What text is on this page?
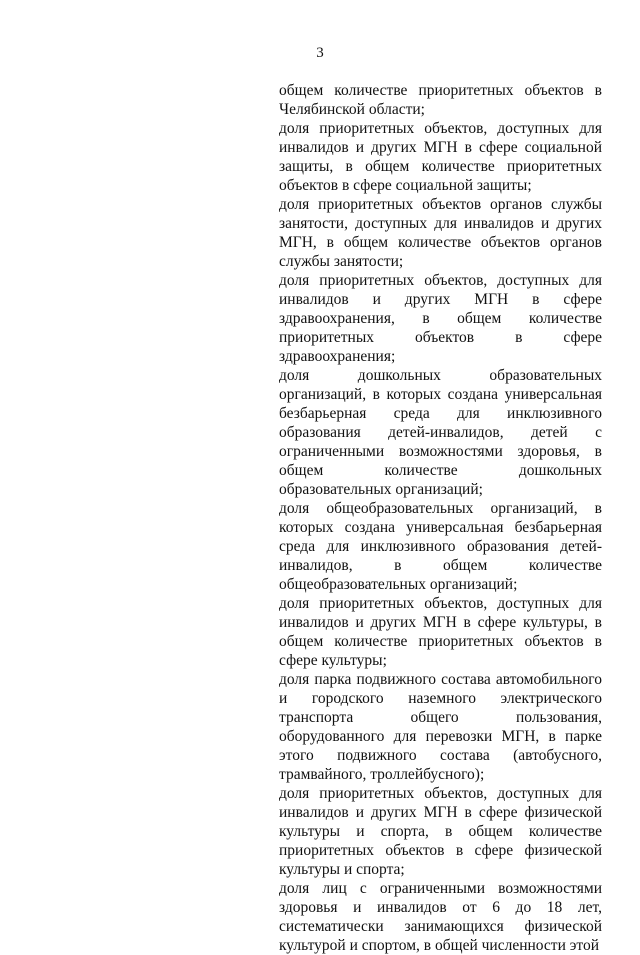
3

общем количестве приоритетных объектов в Челябинской области;

доля приоритетных объектов, доступных для инвалидов и других МГН в сфере социальной защиты, в общем количестве приоритетных объектов в сфере социальной защиты;

доля приоритетных объектов органов службы занятости, доступных для инвалидов и других МГН, в общем количестве объектов органов службы занятости;

доля приоритетных объектов, доступных для инвалидов и других МГН в сфере здравоохранения, в общем количестве приоритетных объектов в сфере здравоохранения;

доля дошкольных образовательных организаций, в которых создана универсальная безбарьерная среда для инклюзивного образования детей-инвалидов, детей с ограниченными возможностями здоровья, в общем количестве дошкольных образовательных организаций;

доля общеобразовательных организаций, в которых создана универсальная безбарьерная среда для инклюзивного образования детей-инвалидов, в общем количестве общеобразовательных организаций;

доля приоритетных объектов, доступных для инвалидов и других МГН в сфере культуры, в общем количестве приоритетных объектов в сфере культуры;

доля парка подвижного состава автомобильного и городского наземного электрического транспорта общего пользования, оборудованного для перевозки МГН, в парке этого подвижного состава (автобусного, трамвайного, троллейбусного);

доля приоритетных объектов, доступных для инвалидов и других МГН в сфере физической культуры и спорта, в общем количестве приоритетных объектов в сфере физической культуры и спорта;

доля лиц с ограниченными возможностями здоровья и инвалидов от 6 до 18 лет, систематически занимающихся физической культурой и спортом, в общей численности этой
